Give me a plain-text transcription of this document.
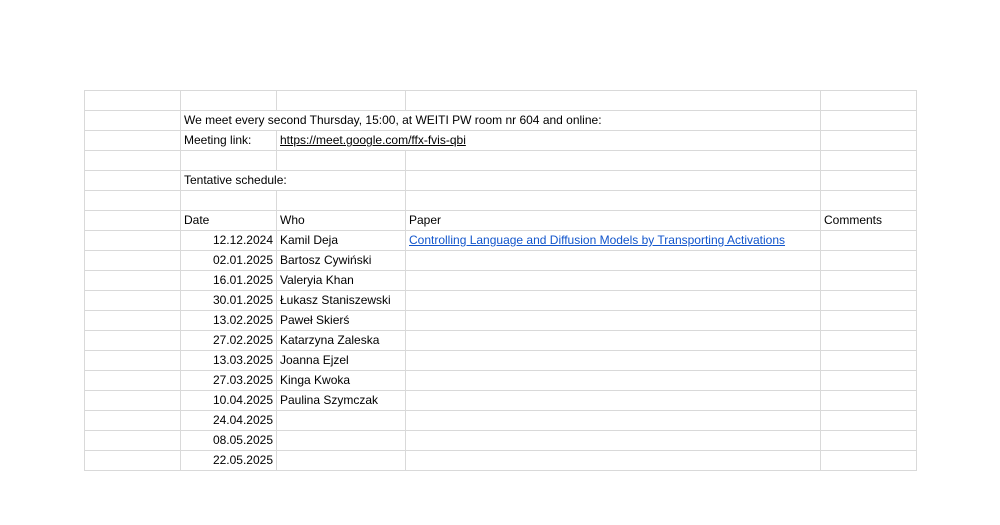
	We meet every second Thursday, 15:00, at WEITI PW room nr 604 and online:			
	Meeting link:	https://meet.google.com/ffx-fvis-qbi		

	Tentative schedule:			

	Date	Who	Paper	Comments
	12.12.2024	Kamil Deja	Controlling Language and Diffusion Models by Transporting Activations	
	02.01.2025	Bartosz Cywiński		
	16.01.2025	Valeryia Khan		
	30.01.2025	Łukasz Staniszewski		
	13.02.2025	Paweł Skierś		
	27.02.2025	Katarzyna Zaleska		
	13.03.2025	Joanna Ejzel		
	27.03.2025	Kinga Kwoka		
	10.04.2025	Paulina Szymczak		
	24.04.2025			
	08.05.2025			
	22.05.2025			
